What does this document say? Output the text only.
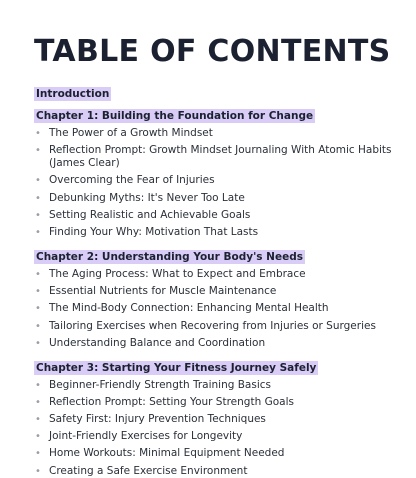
TABLE OF CONTENTS
Introduction
Chapter 1: Building the Foundation for Change
• The Power of a Growth Mindset
• Reflection Prompt: Growth Mindset Journaling With Atomic Habits (James Clear)
• Overcoming the Fear of Injuries
• Debunking Myths: It's Never Too Late
• Setting Realistic and Achievable Goals
• Finding Your Why: Motivation That Lasts
Chapter 2: Understanding Your Body's Needs
• The Aging Process: What to Expect and Embrace
• Essential Nutrients for Muscle Maintenance
• The Mind-Body Connection: Enhancing Mental Health
• Tailoring Exercises when Recovering from Injuries or Surgeries
• Understanding Balance and Coordination
Chapter 3: Starting Your Fitness Journey Safely
• Beginner-Friendly Strength Training Basics
• Reflection Prompt: Setting Your Strength Goals
• Safety First: Injury Prevention Techniques
• Joint-Friendly Exercises for Longevity
• Home Workouts: Minimal Equipment Needed
• Creating a Safe Exercise Environment
